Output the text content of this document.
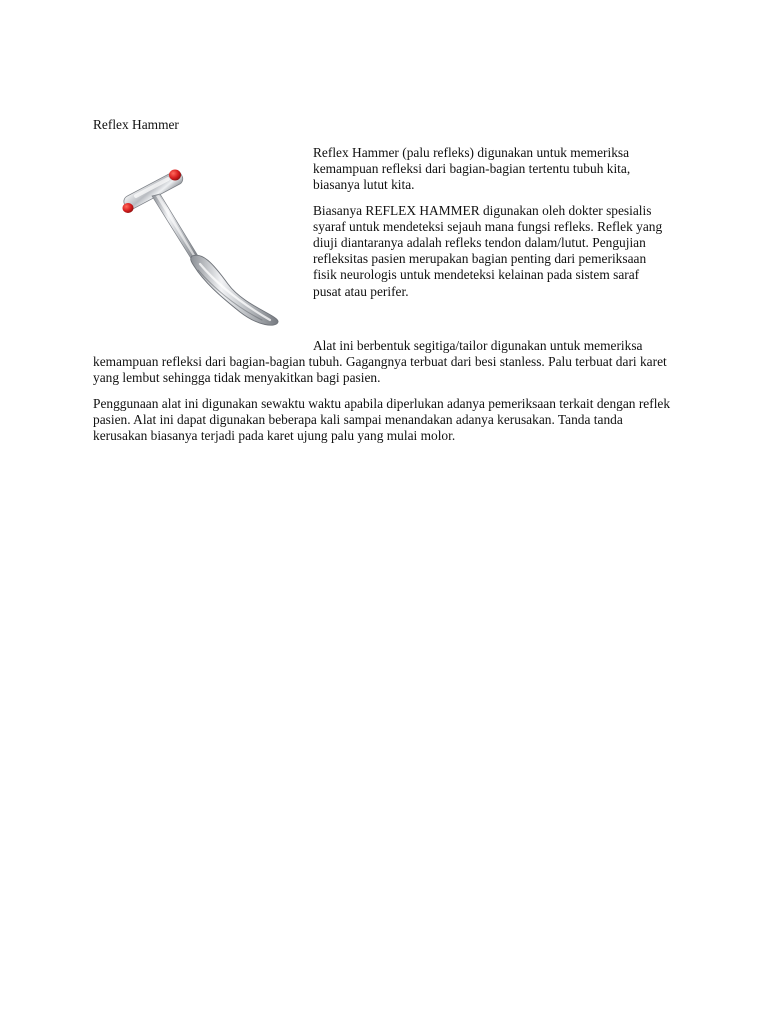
Reflex Hammer

Reflex Hammer (palu refleks) digunakan untuk memeriksa kemampuan refleksi dari bagian-bagian tertentu tubuh kita, biasanya lutut kita.

Biasanya REFLEX HAMMER digunakan oleh dokter spesialis syaraf untuk mendeteksi sejauh mana fungsi refleks. Reflek yang diuji diantaranya adalah refleks tendon dalam/lutut. Pengujian refleksitas pasien merupakan bagian penting dari pemeriksaan fisik neurologis untuk mendeteksi kelainan pada sistem saraf pusat atau perifer.

Alat ini berbentuk segitiga/tailor digunakan untuk memeriksa kemampuan refleksi dari bagian-bagian tubuh. Gagangnya terbuat dari besi stanless. Palu terbuat dari karet yang lembut sehingga tidak menyakitkan bagi pasien.

Penggunaan alat ini digunakan sewaktu waktu apabila diperlukan adanya pemeriksaan terkait dengan reflek pasien. Alat ini dapat digunakan beberapa kali sampai menandakan adanya kerusakan. Tanda tanda kerusakan biasanya terjadi pada karet ujung palu yang mulai molor.
